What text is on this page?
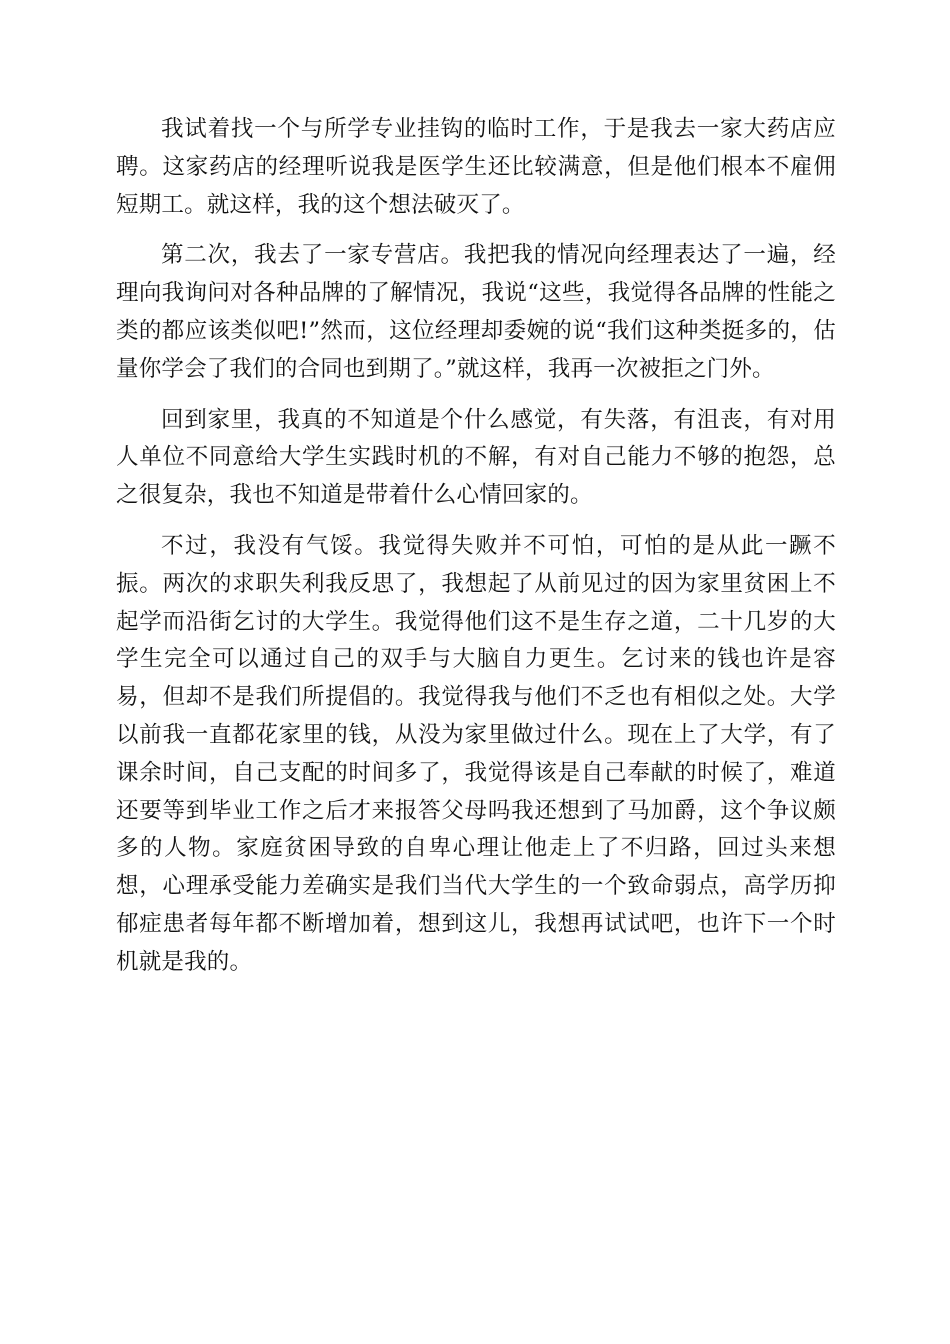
我试着找一个与所学专业挂钩的临时工作，于是我去一家大药店应聘。这家药店的经理听说我是医学生还比较满意，但是他们根本不雇佣短期工。就这样，我的这个想法破灭了。

第二次，我去了一家专营店。我把我的情况向经理表达了一遍，经理向我询问对各种品牌的了解情况，我说“这些，我觉得各品牌的性能之类的都应该类似吧!”然而，这位经理却委婉的说“我们这种类挺多的，估量你学会了我们的合同也到期了。”就这样，我再一次被拒之门外。

回到家里，我真的不知道是个什么感觉，有失落，有沮丧，有对用人单位不同意给大学生实践时机的不解，有对自己能力不够的抱怨，总之很复杂，我也不知道是带着什么心情回家的。

不过，我没有气馁。我觉得失败并不可怕，可怕的是从此一蹶不振。两次的求职失利我反思了，我想起了从前见过的因为家里贫困上不起学而沿街乞讨的大学生。我觉得他们这不是生存之道，二十几岁的大学生完全可以通过自己的双手与大脑自力更生。乞讨来的钱也许是容易，但却不是我们所提倡的。我觉得我与他们不乏也有相似之处。大学以前我一直都花家里的钱，从没为家里做过什么。现在上了大学，有了课余时间，自己支配的时间多了，我觉得该是自己奉献的时候了，难道还要等到毕业工作之后才来报答父母吗我还想到了马加爵，这个争议颇多的人物。家庭贫困导致的自卑心理让他走上了不归路，回过头来想想，心理承受能力差确实是我们当代大学生的一个致命弱点，高学历抑郁症患者每年都不断增加着，想到这儿，我想再试试吧，也许下一个时机就是我的。
